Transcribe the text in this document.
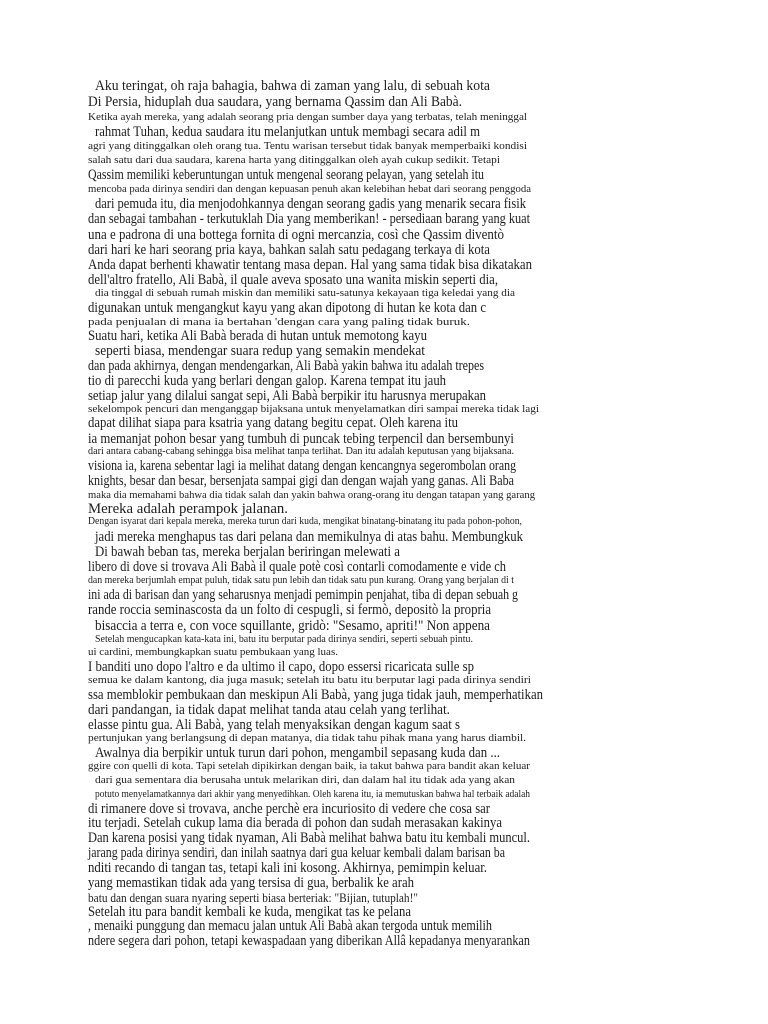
Aku teringat, oh raja bahagia, bahwa di zaman yang lalu, di sebuah kota
Di Persia, hiduplah dua saudara, yang bernama Qassim dan Ali Babà.
Ketika ayah mereka, yang adalah seorang pria dengan sumber daya yang terbatas, telah meninggal
rahmat Tuhan, kedua saudara itu melanjutkan untuk membagi secara adil m
agri yang ditinggalkan oleh orang tua. Tentu warisan tersebut tidak banyak memperbaiki kondisi
salah satu dari dua saudara, karena harta yang ditinggalkan oleh ayah cukup sedikit. Tetapi
Qassim memiliki keberuntungan untuk mengenal seorang pelayan, yang setelah itu
mencoba pada dirinya sendiri dan dengan kepuasan penuh akan kelebihan hebat dari seorang penggoda
dari pemuda itu, dia menjodohkannya dengan seorang gadis yang menarik secara fisik
dan sebagai tambahan - terkutuklah Dia yang memberikan! - persediaan barang yang kuat
una e padrona di una bottega fornita di ogni mercanzia, così che Qassim diventò
dari hari ke hari seorang pria kaya, bahkan salah satu pedagang terkaya di kota
Anda dapat berhenti khawatir tentang masa depan. Hal yang sama tidak bisa dikatakan
dell'altro fratello, Ali Babà, il quale aveva sposato una wanita miskin seperti dia,
dia tinggal di sebuah rumah miskin dan memiliki satu-satunya kekayaan tiga keledai yang dia
digunakan untuk mengangkut kayu yang akan dipotong di hutan ke kota dan c
pada penjualan di mana ia bertahan 'dengan cara yang paling tidak buruk.
Suatu hari, ketika Ali Babà berada di hutan untuk memotong kayu
seperti biasa, mendengar suara redup yang semakin mendekat
dan pada akhirnya, dengan mendengarkan, Ali Babà yakin bahwa itu adalah trepes
tio di parecchi kuda yang berlari dengan galop. Karena tempat itu jauh
setiap jalur yang dilalui sangat sepi, Ali Babà berpikir itu harusnya merupakan
sekelompok pencuri dan menganggap bijaksana untuk menyelamatkan diri sampai mereka tidak lagi
dapat dilihat siapa para ksatria yang datang begitu cepat. Oleh karena itu
ia memanjat pohon besar yang tumbuh di puncak tebing terpencil dan bersembunyi
dari antara cabang-cabang sehingga bisa melihat tanpa terlihat. Dan itu adalah keputusan yang bijaksana.
visiona ia, karena sebentar lagi ia melihat datang dengan kencangnya segerombolan orang
knights, besar dan besar, bersenjata sampai gigi dan dengan wajah yang ganas. Ali Baba
maka dia memahami bahwa dia tidak salah dan yakin bahwa orang-orang itu dengan tatapan yang garang
Mereka adalah perampok jalanan.
Dengan isyarat dari kepala mereka, mereka turun dari kuda, mengikat binatang-binatang itu pada pohon-pohon,
jadi mereka menghapus tas dari pelana dan memikulnya di atas bahu. Membungkuk
Di bawah beban tas, mereka berjalan beriringan melewati a
libero di dove si trovava Ali Babà il quale potè così contarli comodamente e vide ch
dan mereka berjumlah empat puluh, tidak satu pun lebih dan tidak satu pun kurang. Orang yang berjalan di t
ini ada di barisan dan yang seharusnya menjadi pemimpin penjahat, tiba di depan sebuah g
rande roccia seminascosta da un folto di cespugli, si fermò, depositò la propria
bisaccia a terra e, con voce squillante, gridò: "Sesamo, apriti!" Non appena
Setelah mengucapkan kata-kata ini, batu itu berputar pada dirinya sendiri, seperti sebuah pintu.
ui cardini, membungkapkan suatu pembukaan yang luas.
I banditi uno dopo l'altro e da ultimo il capo, dopo essersi ricaricata sulle sp
semua ke dalam kantong, dia juga masuk; setelah itu batu itu berputar lagi pada dirinya sendiri
ssa memblokir pembukaan dan meskipun Ali Babà, yang juga tidak jauh, memperhatikan
dari pandangan, ia tidak dapat melihat tanda atau celah yang terlihat.
elasse pintu gua. Ali Babà, yang telah menyaksikan dengan kagum saat s
pertunjukan yang berlangsung di depan matanya, dia tidak tahu pihak mana yang harus diambil.
Awalnya dia berpikir untuk turun dari pohon, mengambil sepasang kuda dan ...
ggire con quelli di kota. Tapi setelah dipikirkan dengan baik, ia takut bahwa para bandit akan keluar
dari gua sementara dia berusaha untuk melarikan diri, dan dalam hal itu tidak ada yang akan
potuto menyelamatkannya dari akhir yang menyedihkan. Oleh karena itu, ia memutuskan bahwa hal terbaik adalah
di rimanere dove si trovava, anche perchè era incuriosito di vedere che cosa sar
itu terjadi. Setelah cukup lama dia berada di pohon dan sudah merasakan kakinya
Dan karena posisi yang tidak nyaman, Ali Babà melihat bahwa batu itu kembali muncul.
jarang pada dirinya sendiri, dan inilah saatnya dari gua keluar kembali dalam barisan ba
nditi recando di tangan tas, tetapi kali ini kosong. Akhirnya, pemimpin keluar.
yang memastikan tidak ada yang tersisa di gua, berbalik ke arah
batu dan dengan suara nyaring seperti biasa berteriak: "Bijian, tutuplah!"
Setelah itu para bandit kembali ke kuda, mengikat tas ke pelana
, menaiki punggung dan memacu jalan untuk Ali Babà akan tergoda untuk memilih
ndere segera dari pohon, tetapi kewaspadaan yang diberikan Allâ kepadanya menyarankan
